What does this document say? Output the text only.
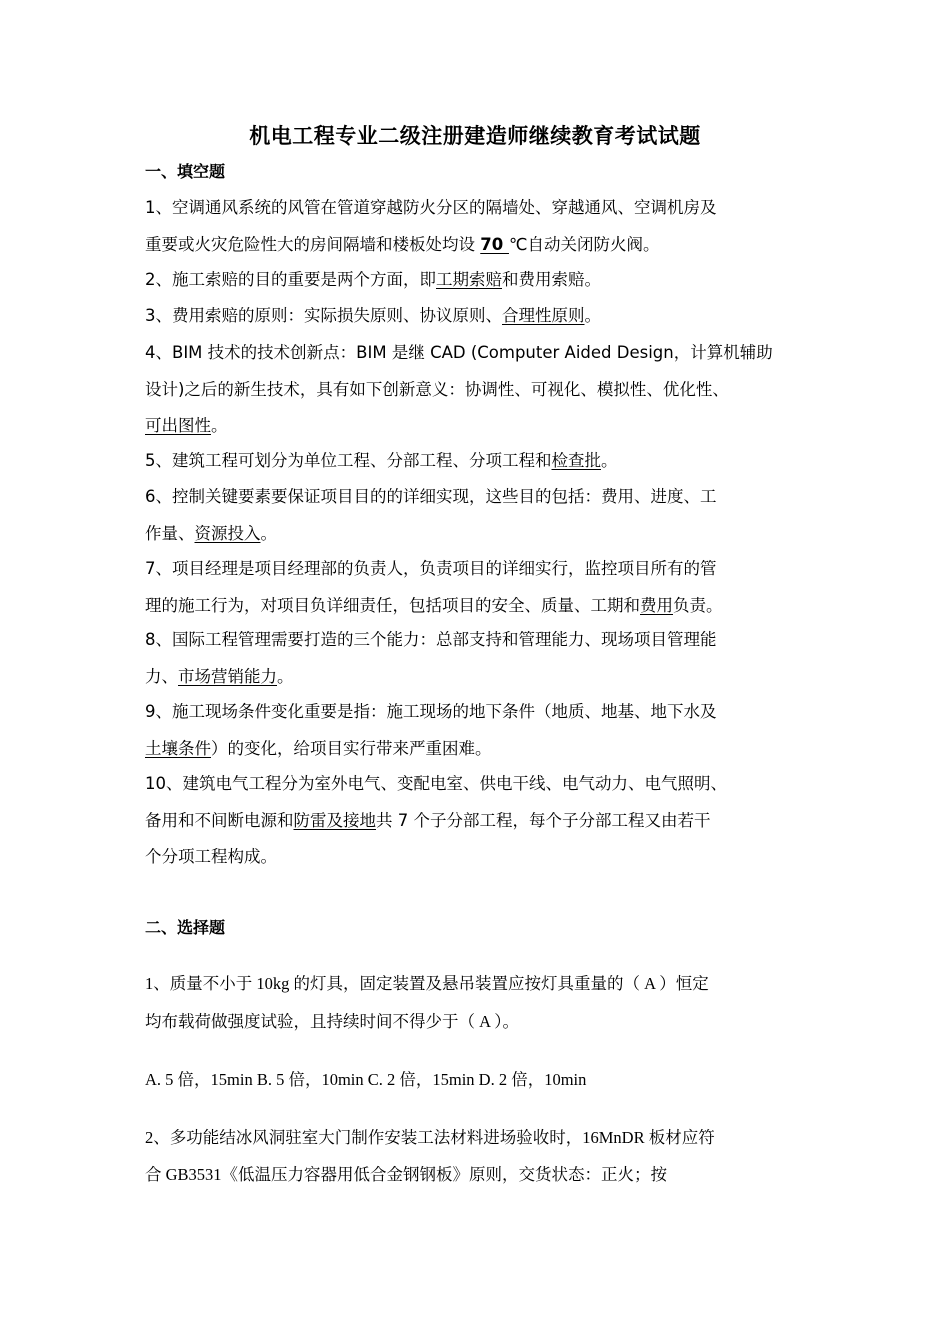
机电工程专业二级注册建造师继续教育考试试题
一、填空题
1、空调通风系统的风管在管道穿越防火分区的隔墙处、穿越通风、空调机房及
重要或火灾危险性大的房间隔墙和楼板处均设 70 ℃自动关闭防火阀。
2、施工索赔的目的重要是两个方面，即工期索赔和费用索赔。
3、费用索赔的原则：实际损失原则、协议原则、合理性原则。
4、BIM 技术的技术创新点：BIM 是继 CAD (Computer Aided Design，计算机辅助
设计)之后的新生技术，具有如下创新意义：协调性、可视化、模拟性、优化性、
可出图性。
5、建筑工程可划分为单位工程、分部工程、分项工程和检查批。
6、控制关键要素要保证项目目的的详细实现，这些目的包括：费用、进度、工
作量、资源投入。
7、项目经理是项目经理部的负责人，负责项目的详细实行，监控项目所有的管
理的施工行为，对项目负详细责任，包括项目的安全、质量、工期和费用负责。
8、国际工程管理需要打造的三个能力：总部支持和管理能力、现场项目管理能
力、市场营销能力。
9、施工现场条件变化重要是指：施工现场的地下条件（地质、地基、地下水及
土壤条件）的变化，给项目实行带来严重困难。
10、建筑电气工程分为室外电气、变配电室、供电干线、电气动力、电气照明、
备用和不间断电源和防雷及接地共 7 个子分部工程，每个子分部工程又由若干
个分项工程构成。
二、选择题
1、质量不小于 10kg 的灯具，固定装置及悬吊装置应按灯具重量的（ A ）恒定
均布载荷做强度试验，且持续时间不得少于（ A ）。
A. 5 倍，15min B. 5 倍，10min C. 2 倍，15min D. 2 倍，10min
2、多功能结冰风洞驻室大门制作安装工法材料进场验收时，16MnDR 板材应符
合 GB3531《低温压力容器用低合金钢钢板》原则，交货状态：正火；按
